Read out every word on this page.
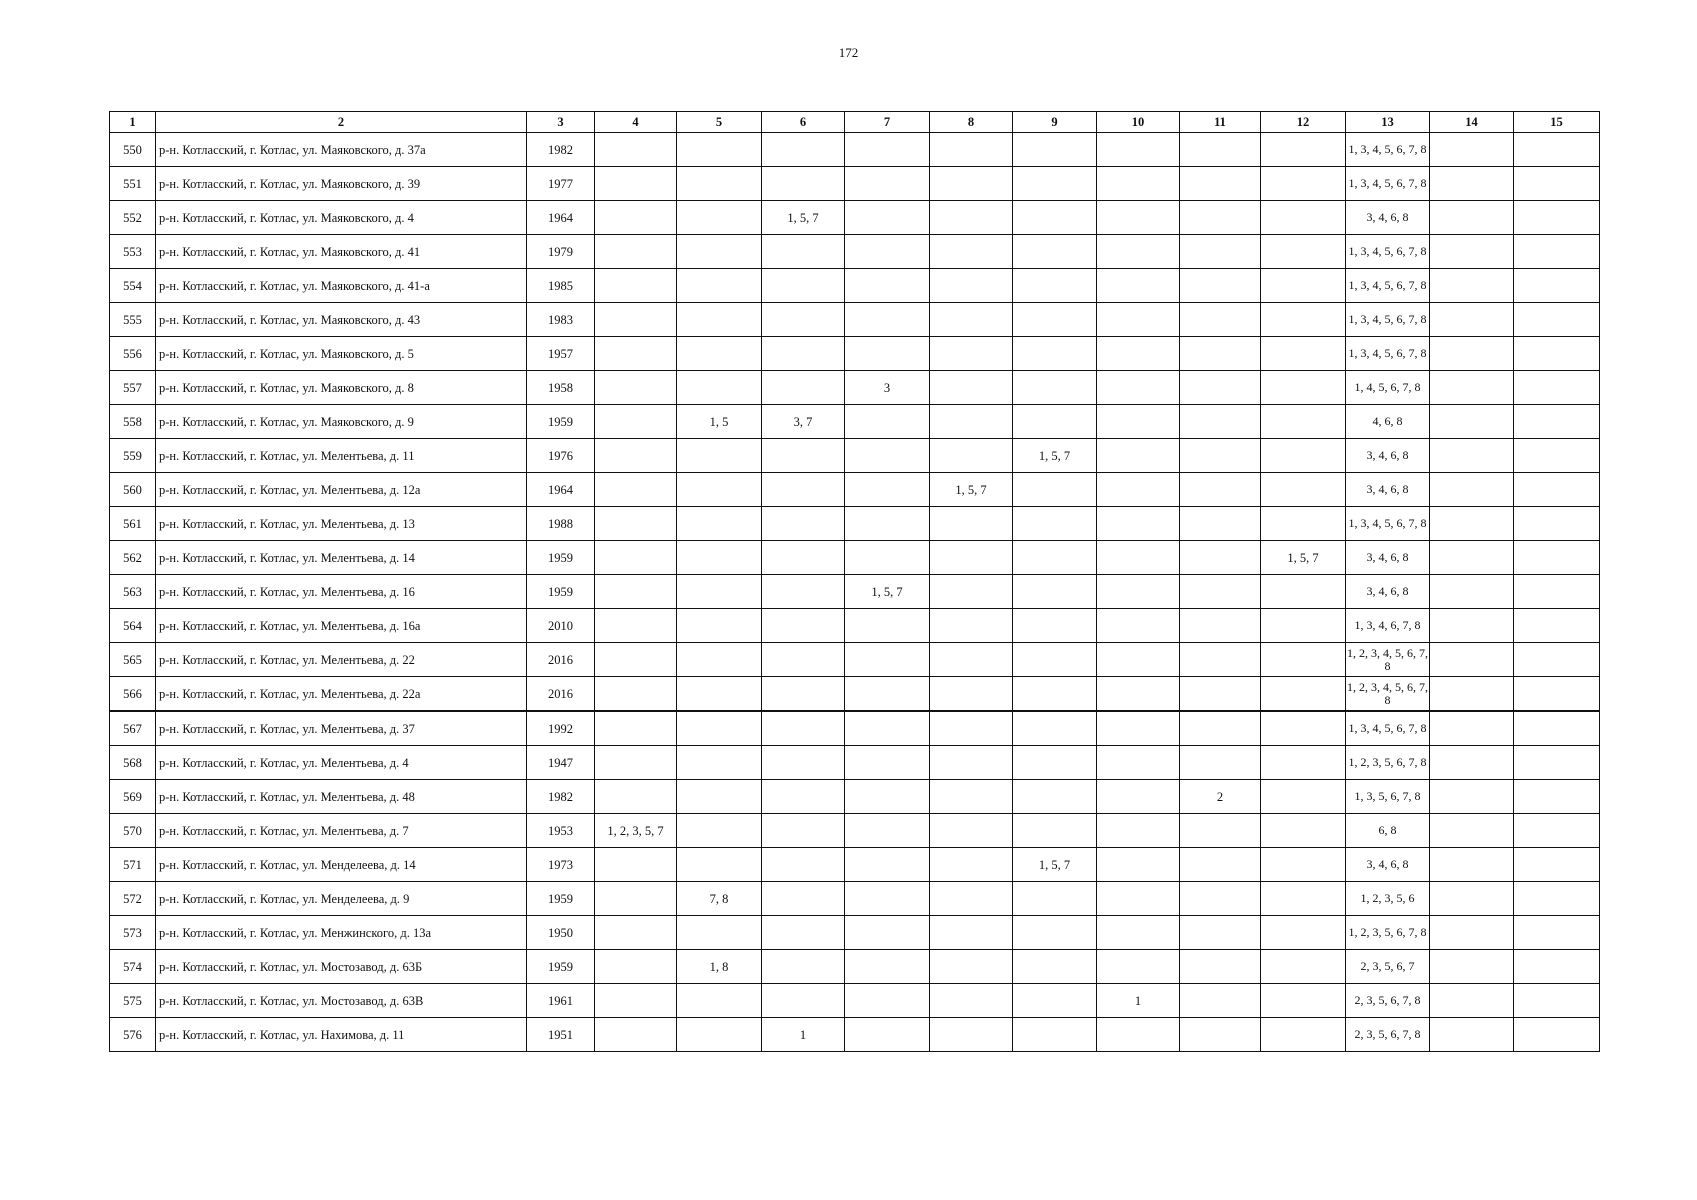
172
1	2	3	4	5	6	7	8	9	10	11	12	13	14	15
550	р-н. Котласский, г. Котлас, ул. Маяковского, д. 37а	1982										1, 3, 4, 5, 6, 7, 8		
551	р-н. Котласский, г. Котлас, ул. Маяковского, д. 39	1977										1, 3, 4, 5, 6, 7, 8		
552	р-н. Котласский, г. Котлас, ул. Маяковского, д. 4	1964			1, 5, 7							3, 4, 6, 8		
553	р-н. Котласский, г. Котлас, ул. Маяковского, д. 41	1979										1, 3, 4, 5, 6, 7, 8		
554	р-н. Котласский, г. Котлас, ул. Маяковского, д. 41-а	1985										1, 3, 4, 5, 6, 7, 8		
555	р-н. Котласский, г. Котлас, ул. Маяковского, д. 43	1983										1, 3, 4, 5, 6, 7, 8		
556	р-н. Котласский, г. Котлас, ул. Маяковского, д. 5	1957										1, 3, 4, 5, 6, 7, 8		
557	р-н. Котласский, г. Котлас, ул. Маяковского, д. 8	1958				3						1, 4, 5, 6, 7, 8		
558	р-н. Котласский, г. Котлас, ул. Маяковского, д. 9	1959		1, 5	3, 7							4, 6, 8		
559	р-н. Котласский, г. Котлас, ул. Мелентьева, д. 11	1976						1, 5, 7				3, 4, 6, 8		
560	р-н. Котласский, г. Котлас, ул. Мелентьева, д. 12а	1964					1, 5, 7					3, 4, 6, 8		
561	р-н. Котласский, г. Котлас, ул. Мелентьева, д. 13	1988										1, 3, 4, 5, 6, 7, 8		
562	р-н. Котласский, г. Котлас, ул. Мелентьева, д. 14	1959									1, 5, 7	3, 4, 6, 8		
563	р-н. Котласский, г. Котлас, ул. Мелентьева, д. 16	1959				1, 5, 7						3, 4, 6, 8		
564	р-н. Котласский, г. Котлас, ул. Мелентьева, д. 16а	2010										1, 3, 4, 6, 7, 8		
565	р-н. Котласский, г. Котлас, ул. Мелентьева, д. 22	2016										1, 2, 3, 4, 5, 6, 7, 8		
566	р-н. Котласский, г. Котлас, ул. Мелентьева, д. 22а	2016										1, 2, 3, 4, 5, 6, 7, 8		
567	р-н. Котласский, г. Котлас, ул. Мелентьева, д. 37	1992										1, 3, 4, 5, 6, 7, 8		
568	р-н. Котласский, г. Котлас, ул. Мелентьева, д. 4	1947										1, 2, 3, 5, 6, 7, 8		
569	р-н. Котласский, г. Котлас, ул. Мелентьева, д. 48	1982								2		1, 3, 5, 6, 7, 8		
570	р-н. Котласский, г. Котлас, ул. Мелентьева, д. 7	1953	1, 2, 3, 5, 7									6, 8		
571	р-н. Котласский, г. Котлас, ул. Менделеева, д. 14	1973						1, 5, 7				3, 4, 6, 8		
572	р-н. Котласский, г. Котлас, ул. Менделеева, д. 9	1959		7, 8								1, 2, 3, 5, 6		
573	р-н. Котласский, г. Котлас, ул. Менжинского, д. 13а	1950										1, 2, 3, 5, 6, 7, 8		
574	р-н. Котласский, г. Котлас, ул. Мостозавод, д. 63Б	1959		1, 8								2, 3, 5, 6, 7		
575	р-н. Котласский, г. Котлас, ул. Мостозавод, д. 63В	1961							1			2, 3, 5, 6, 7, 8		
576	р-н. Котласский, г. Котлас, ул. Нахимова, д. 11	1951			1							2, 3, 5, 6, 7, 8		
